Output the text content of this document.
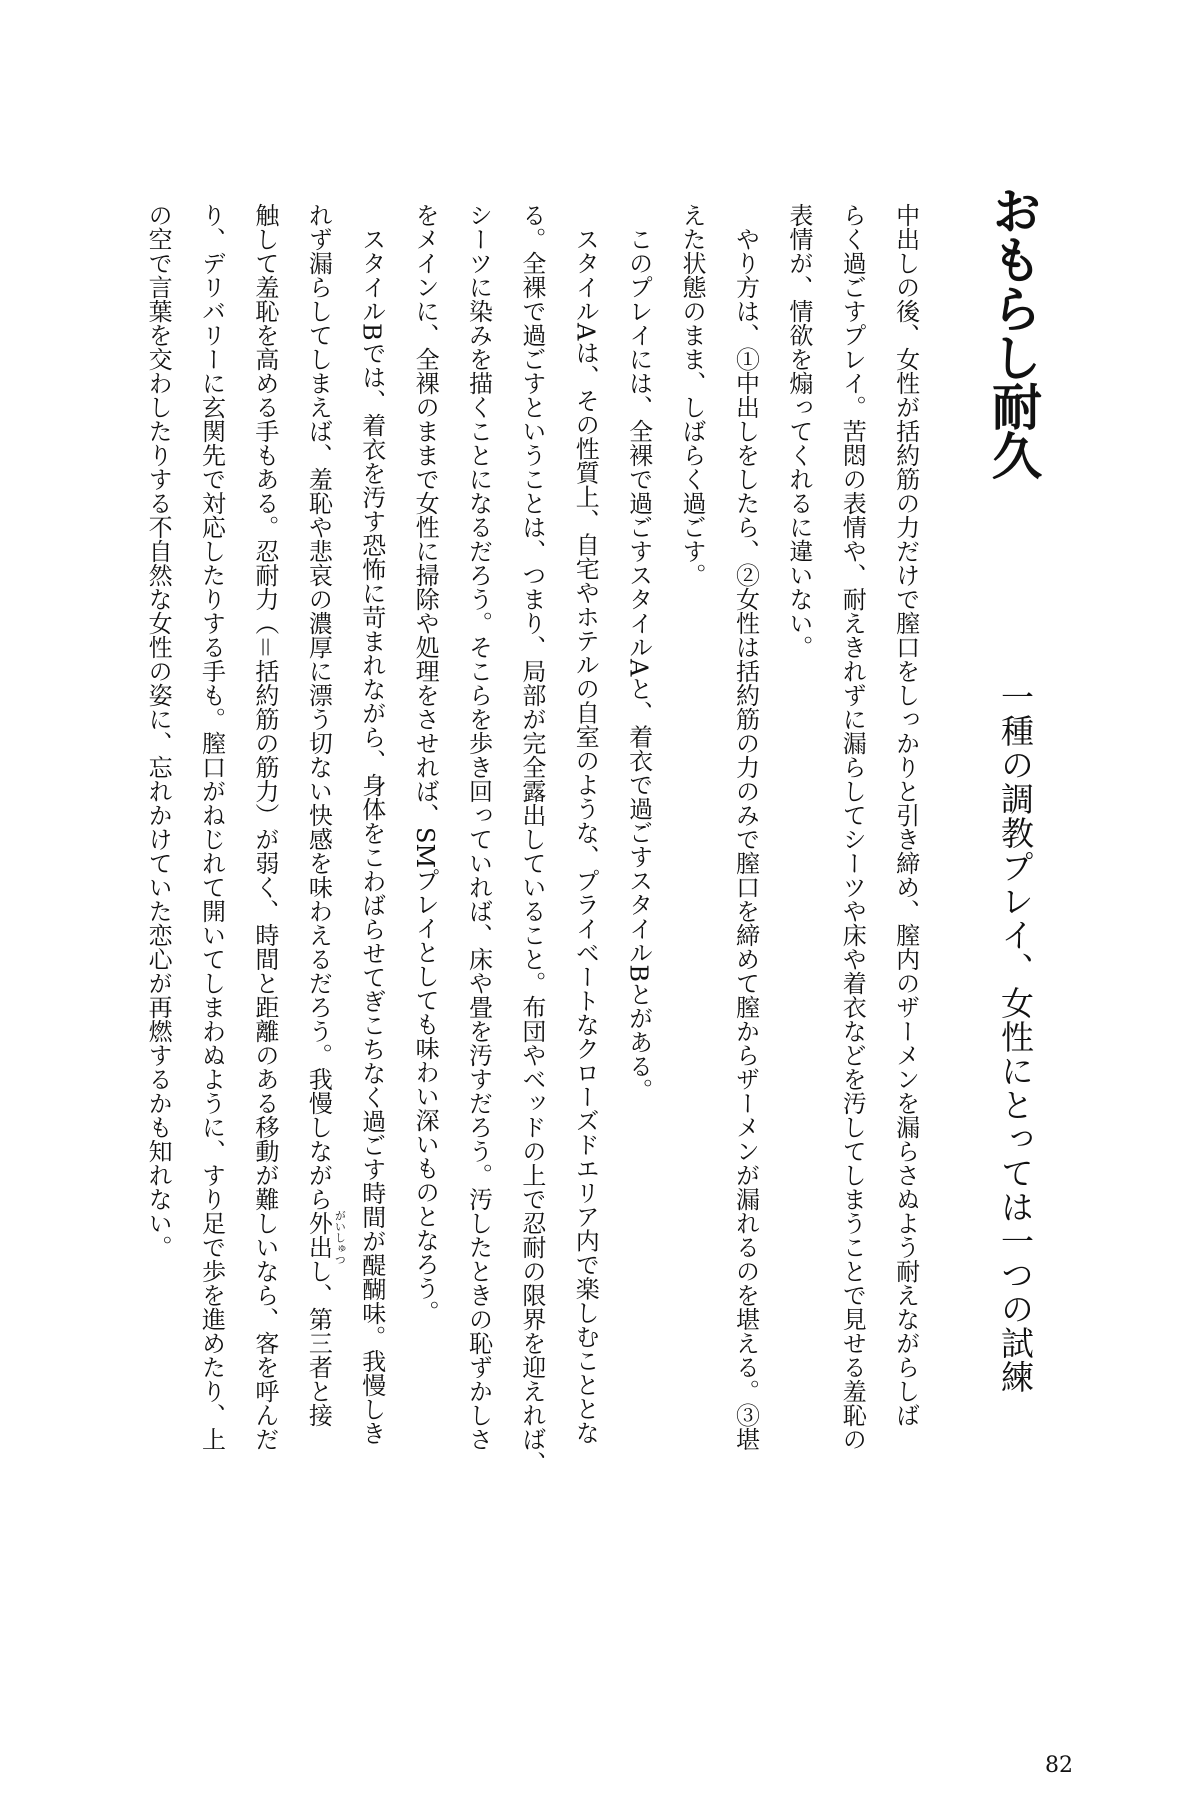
おもらし耐久
一種の調教プレイ、女性にとっては一つの試練
中出しの後、女性が括約筋の力だけで膣口をしっかりと引き締め、膣内のザーメンを漏らさぬよう耐えながらしば
らく過ごすプレイ。苦悶の表情や、耐えきれずに漏らしてシーツや床や着衣などを汚してしまうことで見せる羞恥の
表情が、情欲を煽ってくれるに違いない。
　やり方は、①中出しをしたら、②女性は括約筋の力のみで膣口を締めて膣からザーメンが漏れるのを堪える。③堪
えた状態のまま、しばらく過ごす。
　このプレイには、全裸で過ごすスタイルAと、着衣で過ごすスタイルBとがある。
　スタイルAは、その性質上、自宅やホテルの自室のような、プライベートなクローズドエリア内で楽しむこととな
る。全裸で過ごすということは、つまり、局部が完全露出していること。布団やベッドの上で忍耐の限界を迎えれば、
シーツに染みを描くことになるだろう。そこらを歩き回っていれば、床や畳を汚すだろう。汚したときの恥ずかしさ
をメインに、全裸のままで女性に掃除や処理をさせれば、SMプレイとしても味わい深いものとなろう。
　スタイルBでは、着衣を汚す恐怖に苛まれながら、身体をこわばらせてぎこちなく過ごす時間が醍醐味。我慢しき
れず漏らしてしまえば、羞恥や悲哀の濃厚に漂う切ない快感を味わえるだろう。我慢しながら外出し、第三者と接 がいしゅつ
触して羞恥を高める手もある。忍耐力（＝括約筋の筋力）が弱く、時間と距離のある移動が難しいなら、客を呼んだ
り、デリバリーに玄関先で対応したりする手も。膣口がねじれて開いてしまわぬように、すり足で歩を進めたり、上
の空で言葉を交わしたりする不自然な女性の姿に、忘れかけていた恋心が再燃するかも知れない。
82
